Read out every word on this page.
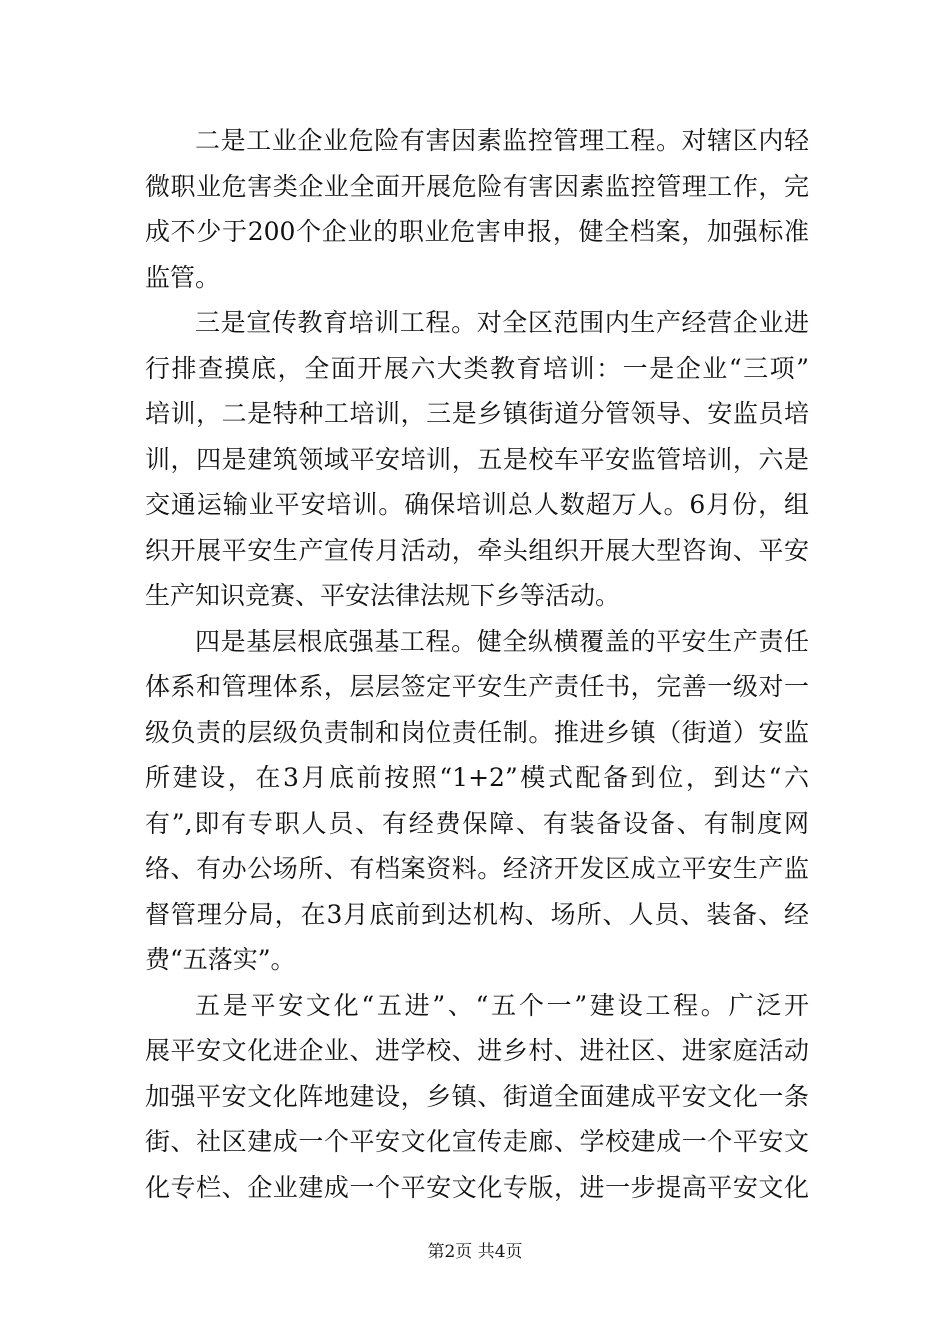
二是工业企业危险有害因素监控管理工程。对辖区内轻
微职业危害类企业全面开展危险有害因素监控管理工作，完
成不少于200个企业的职业危害申报，健全档案，加强标准
监管。
三是宣传教育培训工程。对全区范围内生产经营企业进
行排查摸底，全面开展六大类教育培训：一是企业“三项”
培训，二是特种工培训，三是乡镇街道分管领导、安监员培
训，四是建筑领域平安培训，五是校车平安监管培训，六是
交通运输业平安培训。确保培训总人数超万人。6月份，组
织开展平安生产宣传月活动，牵头组织开展大型咨询、平安
生产知识竞赛、平安法律法规下乡等活动。
四是基层根底强基工程。健全纵横覆盖的平安生产责任
体系和管理体系，层层签定平安生产责任书，完善一级对一
级负责的层级负责制和岗位责任制。推进乡镇（街道）安监
所建设，在3月底前按照“1+2”模式配备到位，到达“六
有”,即有专职人员、有经费保障、有装备设备、有制度网
络、有办公场所、有档案资料。经济开发区成立平安生产监
督管理分局，在3月底前到达机构、场所、人员、装备、经
费“五落实”。
五是平安文化“五进”、“五个一”建设工程。广泛开
展平安文化进企业、进学校、进乡村、进社区、进家庭活动
加强平安文化阵地建设，乡镇、街道全面建成平安文化一条
街、社区建成一个平安文化宣传走廊、学校建成一个平安文
化专栏、企业建成一个平安文化专版，进一步提高平安文化
第2页 共4页
